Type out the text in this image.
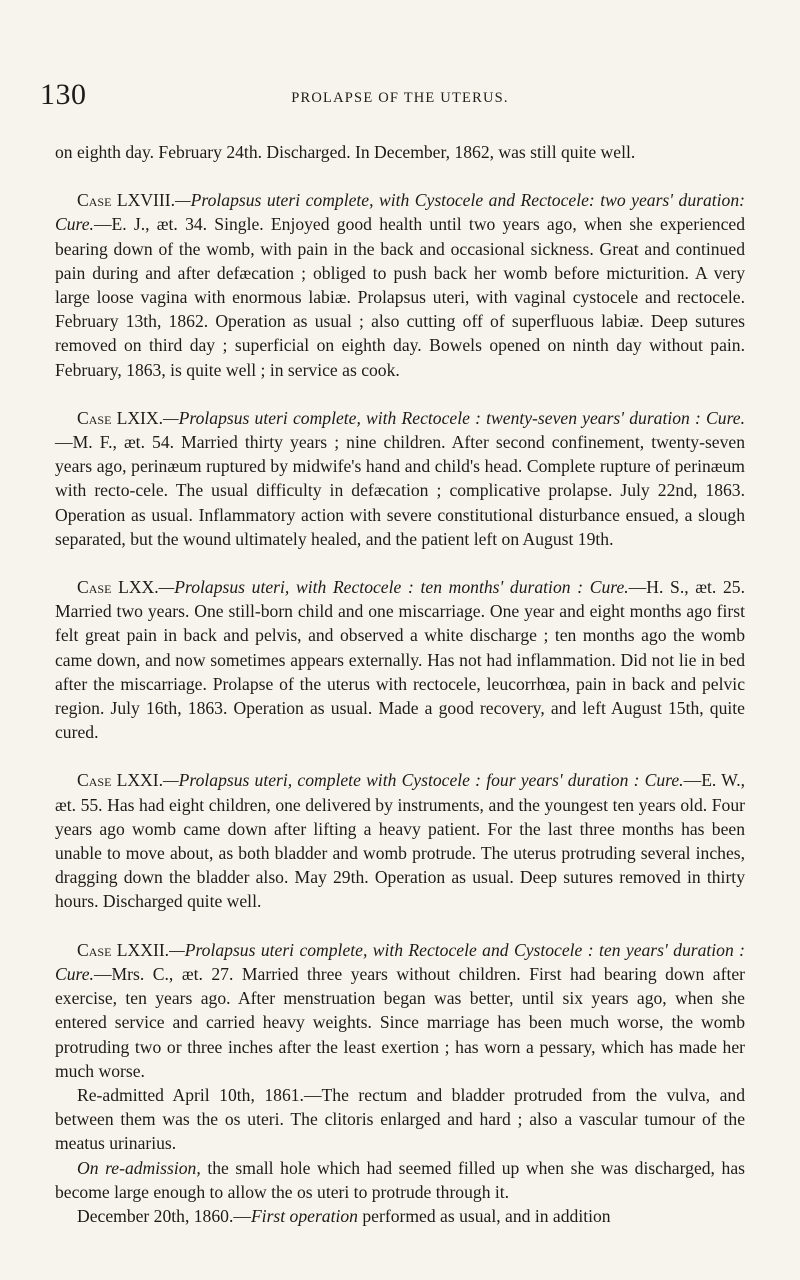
130	PROLAPSE OF THE UTERUS.

on eighth day. February 24th. Discharged. In December, 1862, was still quite well.

Case LXVIII.—Prolapsus uteri complete, with Cystocele and Rectocele: two years' duration: Cure.—E. J., æt. 34. Single. Enjoyed good health until two years ago, when she experienced bearing down of the womb, with pain in the back and occasional sickness. Great and continued pain during and after defæcation ; obliged to push back her womb before micturition. A very large loose vagina with enormous labiæ. Prolapsus uteri, with vaginal cystocele and rectocele. February 13th, 1862. Operation as usual ; also cutting off of superfluous labiæ. Deep sutures removed on third day ; superficial on eighth day. Bowels opened on ninth day without pain. February, 1863, is quite well ; in service as cook.

Case LXIX.—Prolapsus uteri complete, with Rectocele : twenty-seven years' duration : Cure.—M. F., æt. 54. Married thirty years ; nine children. After second confinement, twenty-seven years ago, perinæum ruptured by midwife's hand and child's head. Complete rupture of perinæum with recto-cele. The usual difficulty in defæcation ; complicative prolapse. July 22nd, 1863. Operation as usual. Inflammatory action with severe constitutional disturbance ensued, a slough separated, but the wound ultimately healed, and the patient left on August 19th.

Case LXX.—Prolapsus uteri, with Rectocele : ten months' duration : Cure.—H. S., æt. 25. Married two years. One still-born child and one miscarriage. One year and eight months ago first felt great pain in back and pelvis, and observed a white discharge ; ten months ago the womb came down, and now sometimes appears externally. Has not had inflammation. Did not lie in bed after the miscarriage. Prolapse of the uterus with rectocele, leucorrhœa, pain in back and pelvic region. July 16th, 1863. Operation as usual. Made a good recovery, and left August 15th, quite cured.

Case LXXI.—Prolapsus uteri, complete with Cystocele : four years' duration : Cure.—E. W., æt. 55. Has had eight children, one delivered by instruments, and the youngest ten years old. Four years ago womb came down after lifting a heavy patient. For the last three months has been unable to move about, as both bladder and womb protrude. The uterus protruding several inches, dragging down the bladder also. May 29th. Operation as usual. Deep sutures removed in thirty hours. Discharged quite well.

Case LXXII.—Prolapsus uteri complete, with Rectocele and Cystocele : ten years' duration : Cure.—Mrs. C., æt. 27. Married three years without children. First had bearing down after exercise, ten years ago. After menstruation began was better, until six years ago, when she entered service and carried heavy weights. Since marriage has been much worse, the womb protruding two or three inches after the least exertion ; has worn a pessary, which has made her much worse.

Re-admitted April 10th, 1861.—The rectum and bladder protruded from the vulva, and between them was the os uteri. The clitoris enlarged and hard ; also a vascular tumour of the meatus urinarius.

On re-admission, the small hole which had seemed filled up when she was discharged, has become large enough to allow the os uteri to protrude through it.

December 20th, 1860.—First operation performed as usual, and in addition
